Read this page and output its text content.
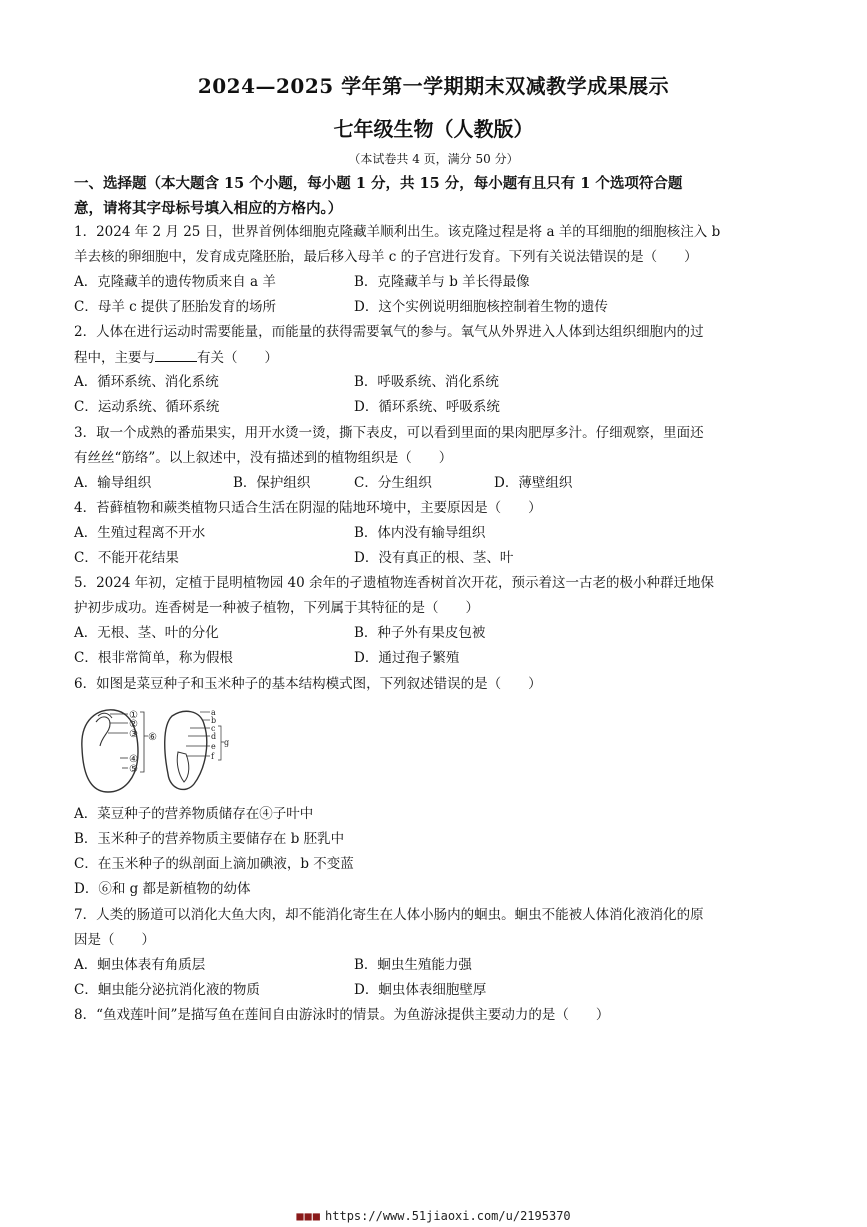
2024—2025 学年第一学期期末双减教学成果展示
七年级生物（人教版）
（本试卷共 4 页，满分 50 分）
一、选择题（本大题含 15 个小题，每小题 1 分，共 15 分，每小题有且只有 1 个选项符合题
意，请将其字母标号填入相应的方格内。）
1．2024 年 2 月 25 日，世界首例体细胞克隆藏羊顺利出生。该克隆过程是将 a 羊的耳细胞的细胞核注入 b
羊去核的卵细胞中，发育成克隆胚胎，最后移入母羊 c 的子宫进行发育。下列有关说法错误的是（　　）
A．克隆藏羊的遗传物质来自 a 羊	B．克隆藏羊与 b 羊长得最像
C．母羊 c 提供了胚胎发育的场所	D．这个实例说明细胞核控制着生物的遗传
2．人体在进行运动时需要能量，而能量的获得需要氧气的参与。氧气从外界进入人体到达组织细胞内的过
程中，主要与	有关（　　）
A．循环系统、消化系统	B．呼吸系统、消化系统
C．运动系统、循环系统	D．循环系统、呼吸系统
3．取一个成熟的番茄果实，用开水烫一烫，撕下表皮，可以看到里面的果肉肥厚多汁。仔细观察，里面还
有丝丝“筋络”。以上叙述中，没有描述到的植物组织是（　　）
A．输导组织	B．保护组织	C．分生组织	D．薄壁组织
4．苔藓植物和蕨类植物只适合生活在阴湿的陆地环境中，主要原因是（　　）
A．生殖过程离不开水	B．体内没有输导组织
C．不能开花结果	D．没有真正的根、茎、叶
5．2024 年初，定植于昆明植物园 40 余年的孑遗植物连香树首次开花，预示着这一古老的极小种群迁地保
护初步成功。连香树是一种被子植物，下列属于其特征的是（　　）
A．无根、茎、叶的分化	B．种子外有果皮包被
C．根非常简单，称为假根	D．通过孢子繁殖
6．如图是菜豆种子和玉米种子的基本结构模式图，下列叙述错误的是（　　）
①
②
③
④
⑤
⑥
a
b
c
d
e
f
g
A．菜豆种子的营养物质储存在④子叶中
B．玉米种子的营养物质主要储存在 b 胚乳中
C．在玉米种子的纵剖面上滴加碘液，b 不变蓝
D．⑥和 g 都是新植物的幼体
7．人类的肠道可以消化大鱼大肉，却不能消化寄生在人体小肠内的蛔虫。蛔虫不能被人体消化液消化的原
因是（　　）
A．蛔虫体表有角质层	B．蛔虫生殖能力强
C．蛔虫能分泌抗消化液的物质	D．蛔虫体表细胞壁厚
8．“鱼戏莲叶间”是描写鱼在莲间自由游泳时的情景。为鱼游泳提供主要动力的是（　　）
■■■ https://www.51jiaoxi.com/u/2195370
